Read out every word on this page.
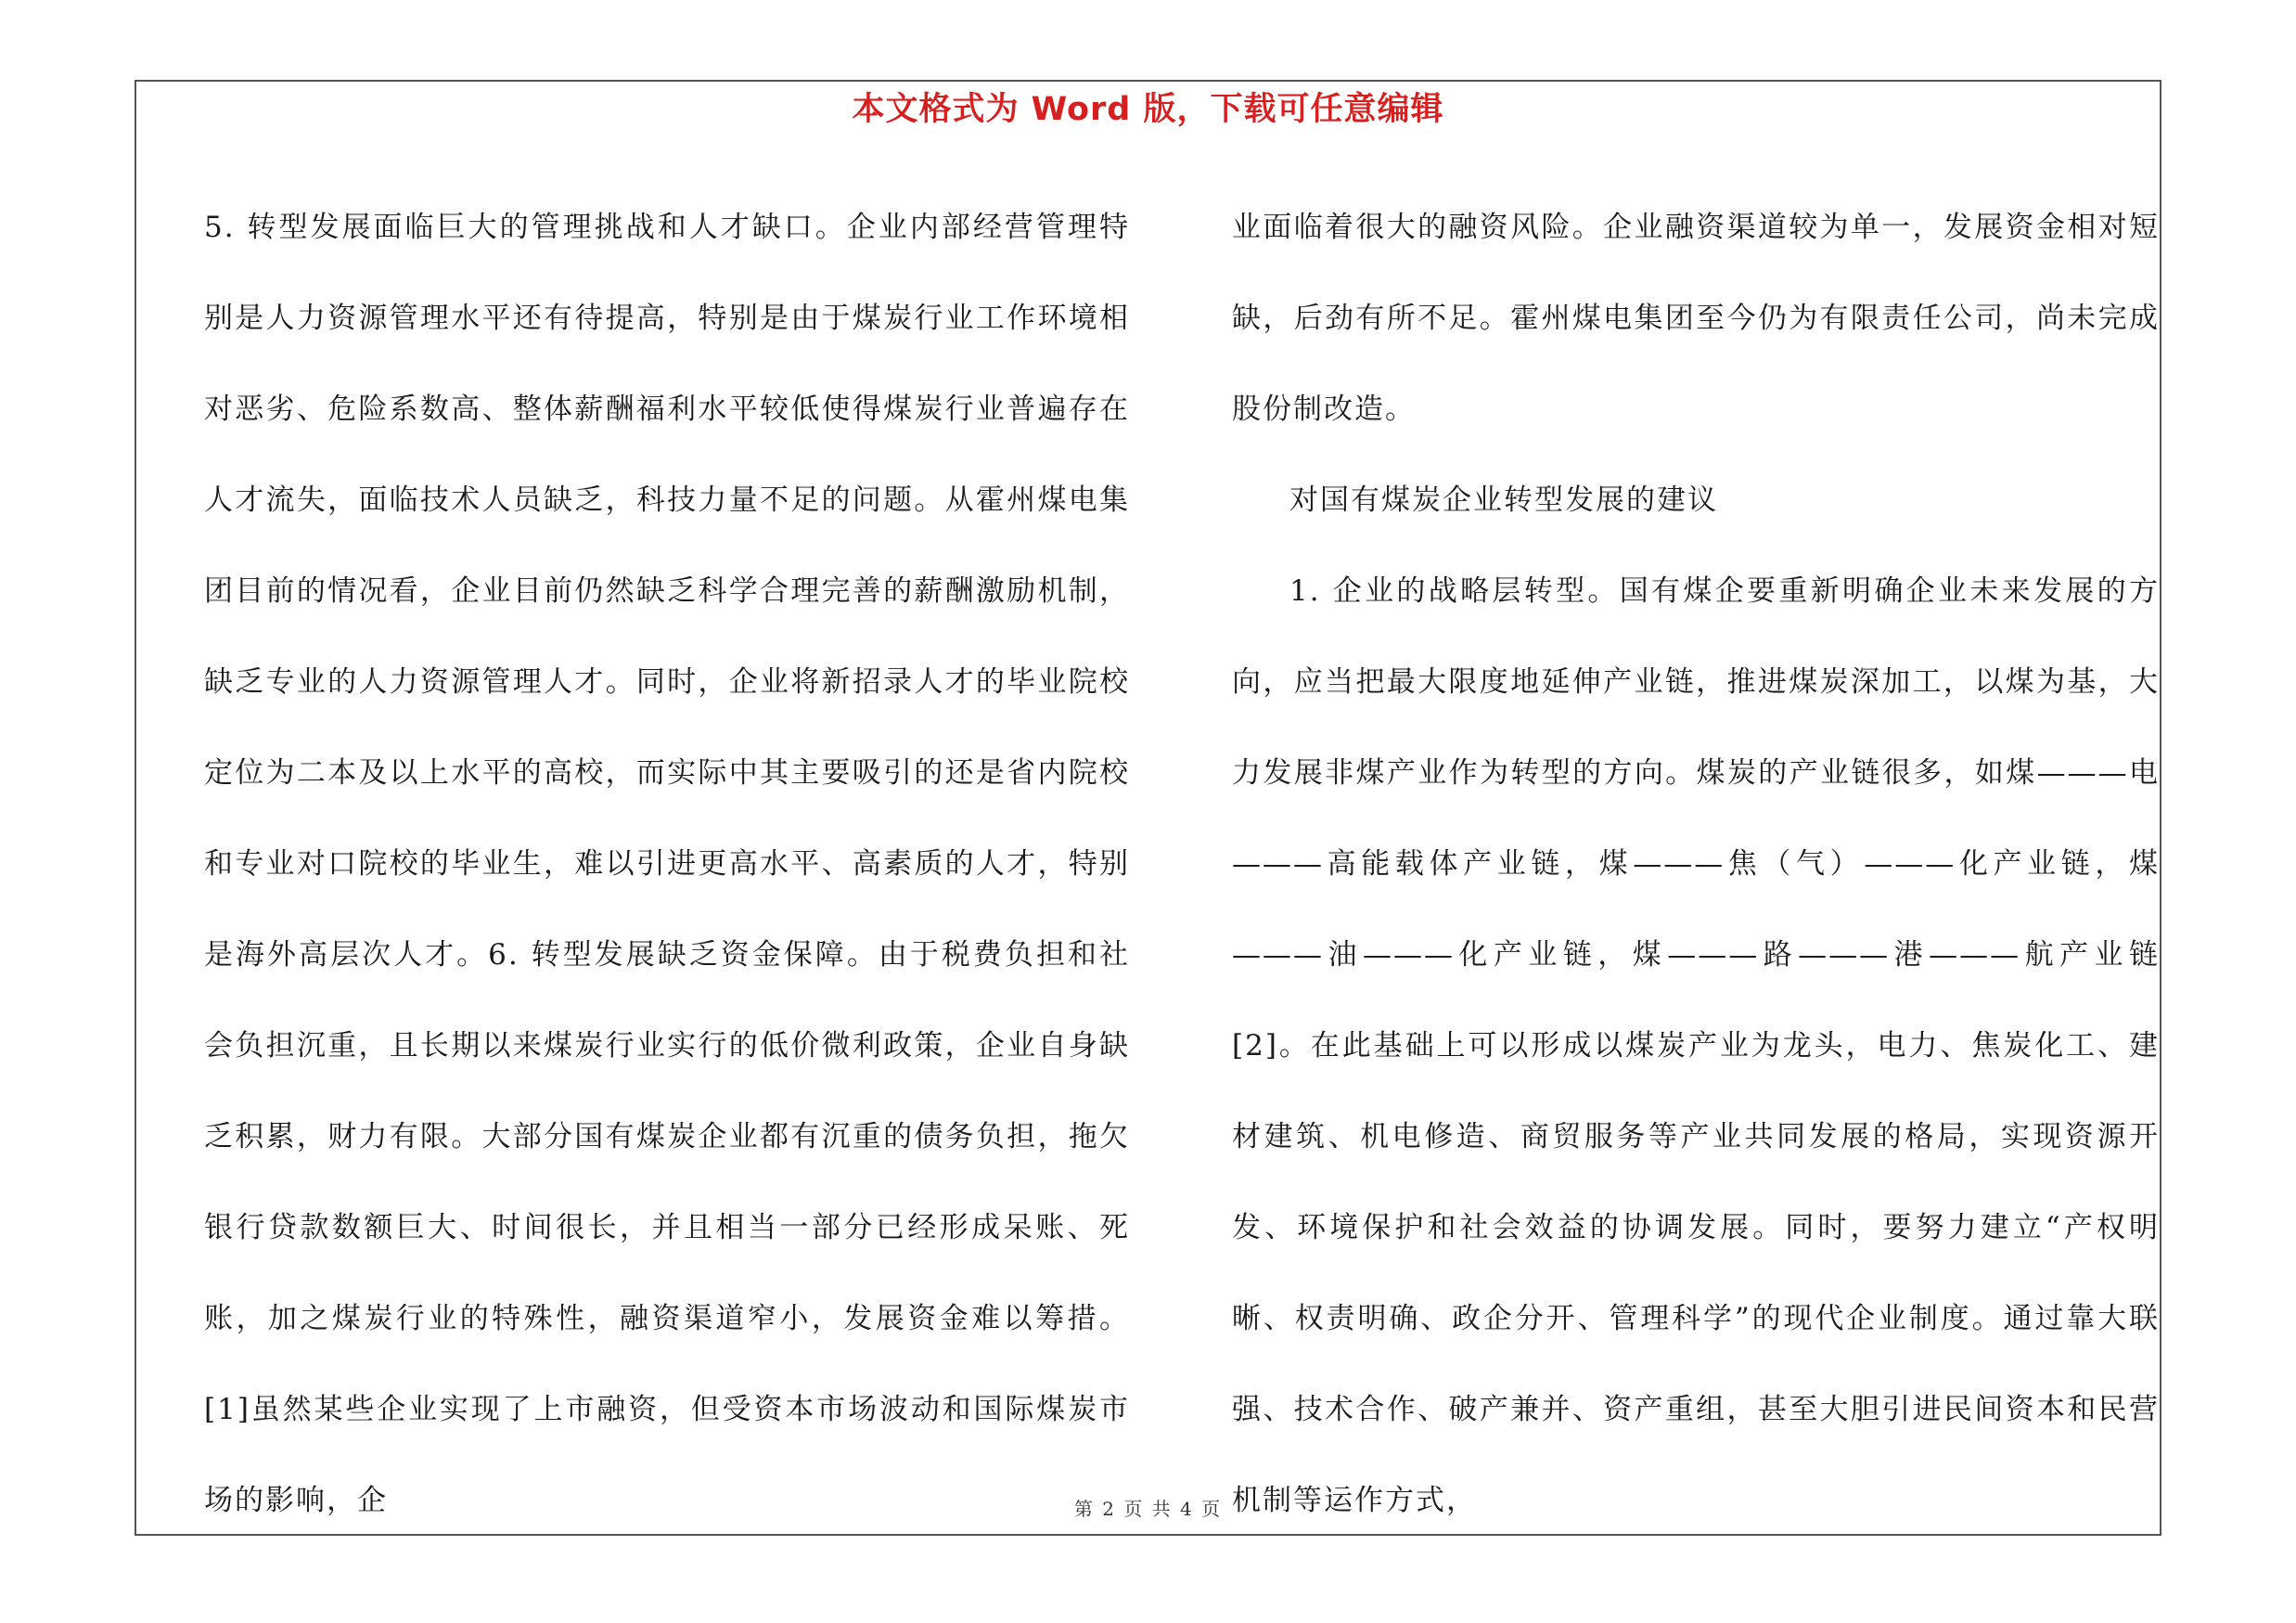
本文格式为 Word 版，下载可任意编辑

5. 转型发展面临巨大的管理挑战和人才缺口。企业内部经营管理特别是人力资源管理水平还有待提高，特别是由于煤炭行业工作环境相对恶劣、危险系数高、整体薪酬福利水平较低使得煤炭行业普遍存在人才流失，面临技术人员缺乏，科技力量不足的问题。从霍州煤电集团目前的情况看，企业目前仍然缺乏科学合理完善的薪酬激励机制，缺乏专业的人力资源管理人才。同时，企业将新招录人才的毕业院校定位为二本及以上水平的高校，而实际中其主要吸引的还是省内院校和专业对口院校的毕业生，难以引进更高水平、高素质的人才，特别是海外高层次人才。6. 转型发展缺乏资金保障。由于税费负担和社会负担沉重，且长期以来煤炭行业实行的低价微利政策，企业自身缺乏积累，财力有限。大部分国有煤炭企业都有沉重的债务负担，拖欠银行贷款数额巨大、时间很长，并且相当一部分已经形成呆账、死账，加之煤炭行业的特殊性，融资渠道窄小，发展资金难以筹措。[1]虽然某些企业实现了上市融资，但受资本市场波动和国际煤炭市场的影响，企

业面临着很大的融资风险。企业融资渠道较为单一，发展资金相对短缺，后劲有所不足。霍州煤电集团至今仍为有限责任公司，尚未完成股份制改造。

对国有煤炭企业转型发展的建议

1. 企业的战略层转型。国有煤企要重新明确企业未来发展的方向，应当把最大限度地延伸产业链，推进煤炭深加工，以煤为基，大力发展非煤产业作为转型的方向。煤炭的产业链很多，如煤———电———高能载体产业链，煤———焦（气）———化产业链，煤———油———化产业链，煤———路———港———航产业链[2]。在此基础上可以形成以煤炭产业为龙头，电力、焦炭化工、建材建筑、机电修造、商贸服务等产业共同发展的格局，实现资源开发、环境保护和社会效益的协调发展。同时，要努力建立“产权明晰、权责明确、政企分开、管理科学”的现代企业制度。通过靠大联强、技术合作、破产兼并、资产重组，甚至大胆引进民间资本和民营机制等运作方式，

第 2 页 共 4 页
